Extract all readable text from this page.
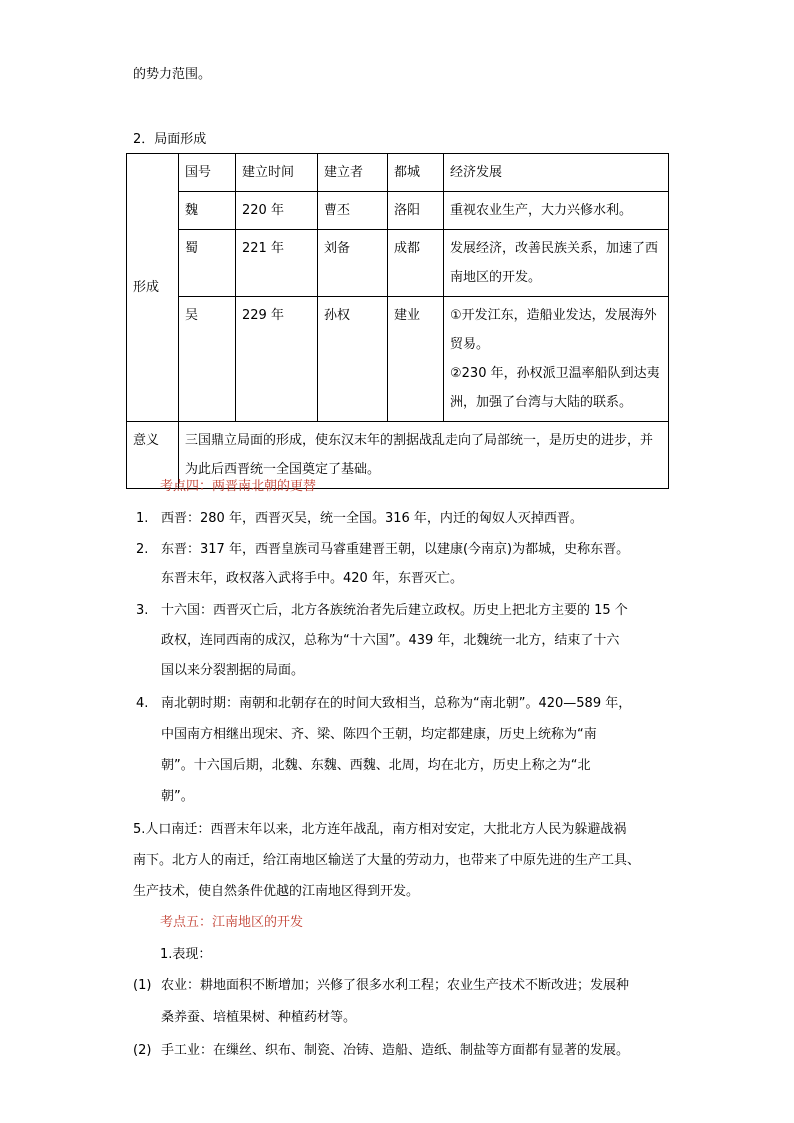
的势力范围。
2．局面形成
形成	国号	建立时间	建立者	都城	经济发展
	魏	220 年	曹丕	洛阳	重视农业生产，大力兴修水利。
	蜀	221 年	刘备	成都	发展经济，改善民族关系，加速了西南地区的开发。
	吴	229 年	孙权	建业	①开发江东，造船业发达，发展海外贸易。
②230 年，孙权派卫温率船队到达夷洲，加强了台湾与大陆的联系。

意义	三国鼎立局面的形成，使东汉末年的割据战乱走向了局部统一，是历史的进步，并为此后西晋统一全国奠定了基础。				
考点四：两晋南北朝的更替
1. 西晋：280 年，西晋灭吴，统一全国。316 年，内迁的匈奴人灭掉西晋。
2. 东晋：317 年，西晋皇族司马睿重建晋王朝，以建康(今南京)为都城，史称东晋。
东晋末年，政权落入武将手中。420 年，东晋灭亡。
3. 十六国：西晋灭亡后，北方各族统治者先后建立政权。历史上把北方主要的 15 个
政权，连同西南的成汉，总称为“十六国”。439 年，北魏统一北方，结束了十六
国以来分裂割据的局面。
4. 南北朝时期：南朝和北朝存在的时间大致相当，总称为“南北朝”。420—589 年，
中国南方相继出现宋、齐、梁、陈四个王朝，均定都建康，历史上统称为“南
朝”。十六国后期，北魏、东魏、西魏、北周，均在北方，历史上称之为“北
朝”。
5.人口南迁：西晋末年以来，北方连年战乱，南方相对安定，大批北方人民为躲避战祸
南下。北方人的南迁，给江南地区输送了大量的劳动力，也带来了中原先进的生产工具、
生产技术，使自然条件优越的江南地区得到开发。
考点五：江南地区的开发
1.表现：
(1) 农业：耕地面积不断增加；兴修了很多水利工程；农业生产技术不断改进；发展种
桑养蚕、培植果树、种植药材等。
(2) 手工业：在缫丝、织布、制瓷、冶铸、造船、造纸、制盐等方面都有显著的发展。
